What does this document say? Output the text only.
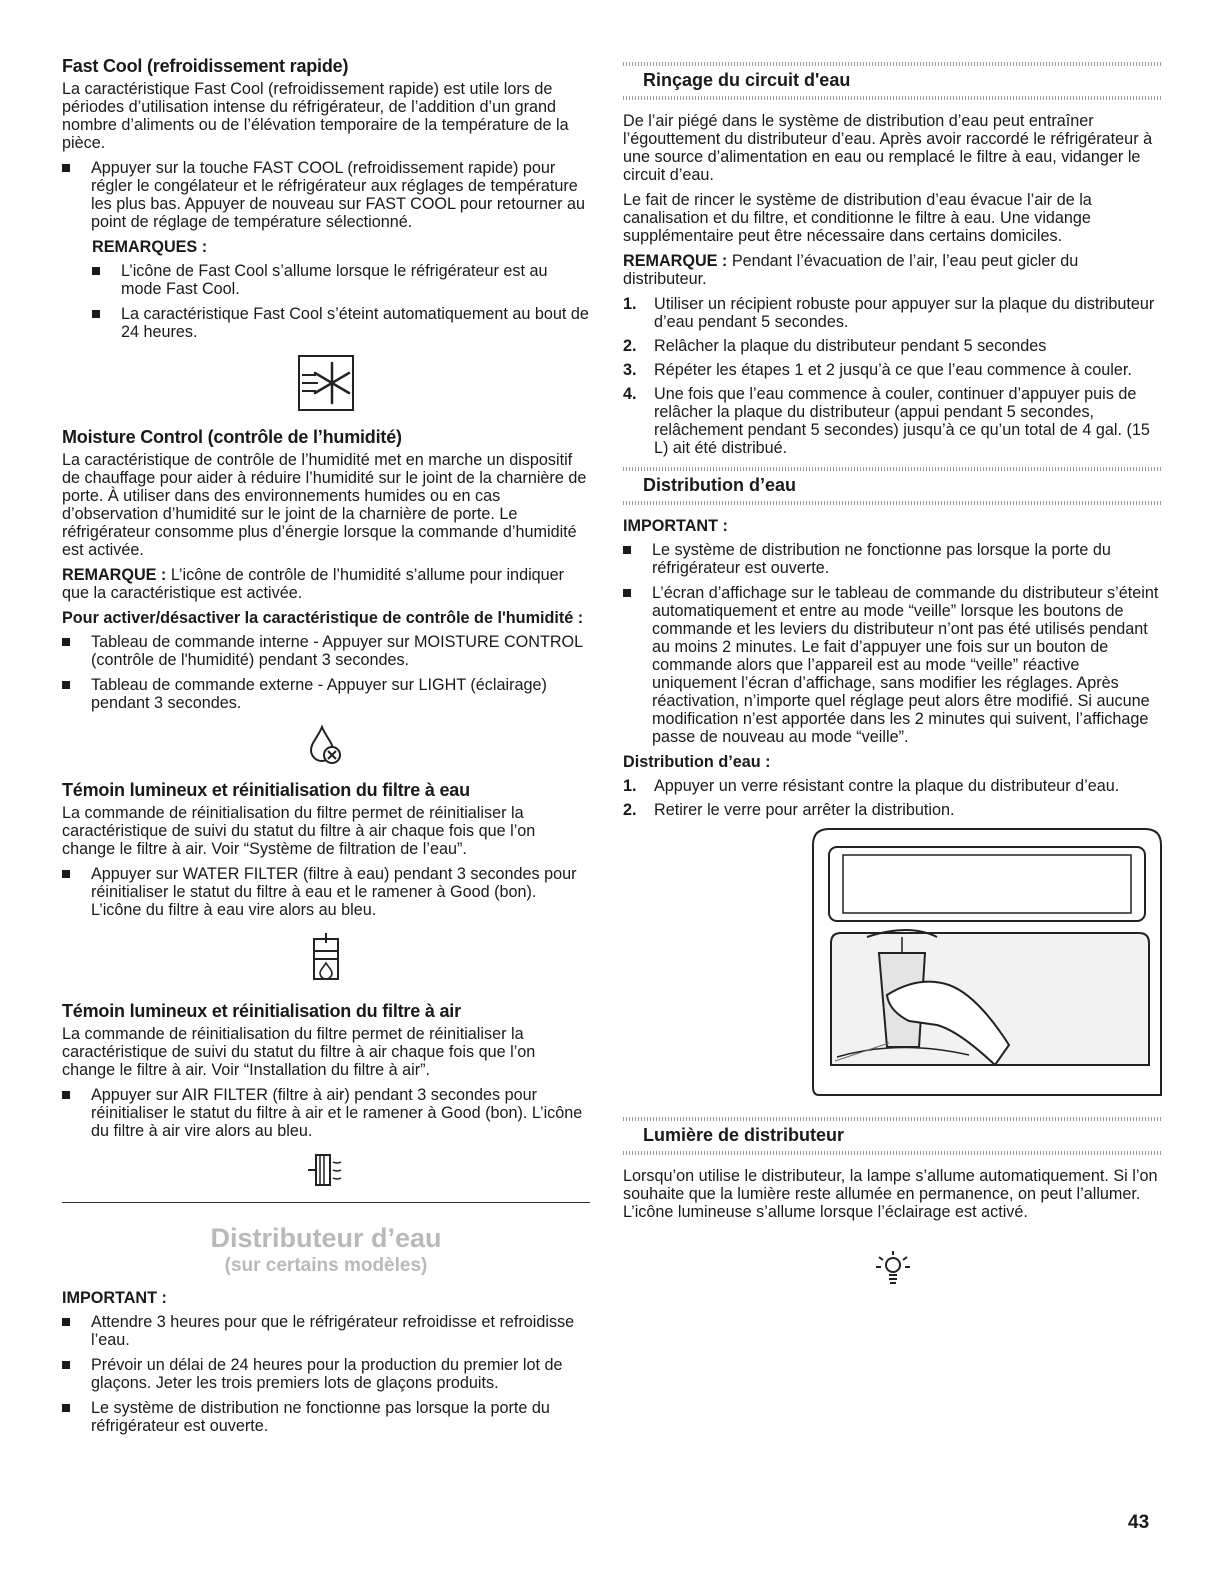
Fast Cool (refroidissement rapide)

La caractéristique Fast Cool (refroidissement rapide) est utile lors de périodes d’utilisation intense du réfrigérateur, de l’addition d’un grand nombre d’aliments ou de l’élévation temporaire de la température de la pièce.

Appuyer sur la touche FAST COOL (refroidissement rapide) pour régler le congélateur et le réfrigérateur aux réglages de température les plus bas. Appuyer de nouveau sur FAST COOL pour retourner au point de réglage de température sélectionné.
REMARQUES :
L’icône de Fast Cool s’allume lorsque le réfrigérateur est au mode Fast Cool.
La caractéristique Fast Cool s’éteint automatiquement au bout de 24 heures.
Moisture Control (contrôle de l’humidité)

La caractéristique de contrôle de l’humidité met en marche un dispositif de chauffage pour aider à réduire l’humidité sur le joint de la charnière de porte. À utiliser dans des environnements humides ou en cas d’observation d’humidité sur le joint de la charnière de porte. Le réfrigérateur consomme plus d’énergie lorsque la commande d’humidité est activée.

REMARQUE : L’icône de contrôle de l’humidité s’allume pour indiquer que la caractéristique est activée.

Pour activer/désactiver la caractéristique de contrôle de l'humidité :
Tableau de commande interne - Appuyer sur MOISTURE CONTROL (contrôle de l'humidité) pendant 3 secondes.
Tableau de commande externe - Appuyer sur LIGHT (éclairage) pendant 3 secondes.
Témoin lumineux et réinitialisation du filtre à eau

La commande de réinitialisation du filtre permet de réinitialiser la caractéristique de suivi du statut du filtre à air chaque fois que l’on change le filtre à air. Voir “Système de filtration de l’eau”.

Appuyer sur WATER FILTER (filtre à eau) pendant 3 secondes pour réinitialiser le statut du filtre à eau et le ramener à Good (bon). L’icône du filtre à eau vire alors au bleu.
Témoin lumineux et réinitialisation du filtre à air

La commande de réinitialisation du filtre permet de réinitialiser la caractéristique de suivi du statut du filtre à air chaque fois que l’on change le filtre à air. Voir “Installation du filtre à air”.

Appuyer sur AIR FILTER (filtre à air) pendant 3 secondes pour réinitialiser le statut du filtre à air et le ramener à Good (bon). L’icône du filtre à air vire alors au bleu.
Distributeur d’eau
(sur certains modèles)
IMPORTANT :
Attendre 3 heures pour que le réfrigérateur refroidisse et refroidisse l’eau.
Prévoir un délai de 24 heures pour la production du premier lot de glaçons. Jeter les trois premiers lots de glaçons produits.
Le système de distribution ne fonctionne pas lorsque la porte du réfrigérateur est ouverte.
Rinçage du circuit d'eau

De l’air piégé dans le système de distribution d’eau peut entraîner l’égouttement du distributeur d’eau. Après avoir raccordé le réfrigérateur à une source d’alimentation en eau ou remplacé le filtre à eau, vidanger le circuit d’eau.

Le fait de rincer le système de distribution d’eau évacue l’air de la canalisation et du filtre, et conditionne le filtre à eau. Une vidange supplémentaire peut être nécessaire dans certains domiciles.

REMARQUE : Pendant l’évacuation de l’air, l’eau peut gicler du distributeur.

1. Utiliser un récipient robuste pour appuyer sur la plaque du distributeur d’eau pendant 5 secondes.
2. Relâcher la plaque du distributeur pendant 5 secondes
3. Répéter les étapes 1 et 2 jusqu’à ce que l’eau commence à couler.
4. Une fois que l’eau commence à couler, continuer d’appuyer puis de relâcher la plaque du distributeur (appui pendant 5 secondes, relâchement pendant 5 secondes) jusqu’à ce qu’un total de 4 gal. (15 L) ait été distribué.
Distribution d’eau
IMPORTANT :
Le système de distribution ne fonctionne pas lorsque la porte du réfrigérateur est ouverte.
L’écran d’affichage sur le tableau de commande du distributeur s’éteint automatiquement et entre au mode “veille” lorsque les boutons de commande et les leviers du distributeur n’ont pas été utilisés pendant au moins 2 minutes. Le fait d’appuyer une fois sur un bouton de commande alors que l’appareil est au mode “veille” réactive uniquement l’écran d’affichage, sans modifier les réglages. Après réactivation, n’importe quel réglage peut alors être modifié. Si aucune modification n’est apportée dans les 2 minutes qui suivent, l’affichage passe de nouveau au mode “veille”.
Distribution d’eau :
1. Appuyer un verre résistant contre la plaque du distributeur d’eau.
2. Retirer le verre pour arrêter la distribution.
Lumière de distributeur

Lorsqu’on utilise le distributeur, la lampe s’allume automatiquement. Si l’on souhaite que la lumière reste allumée en permanence, on peut l’allumer. L’icône lumineuse s’allume lorsque l’éclairage est activé.

43
